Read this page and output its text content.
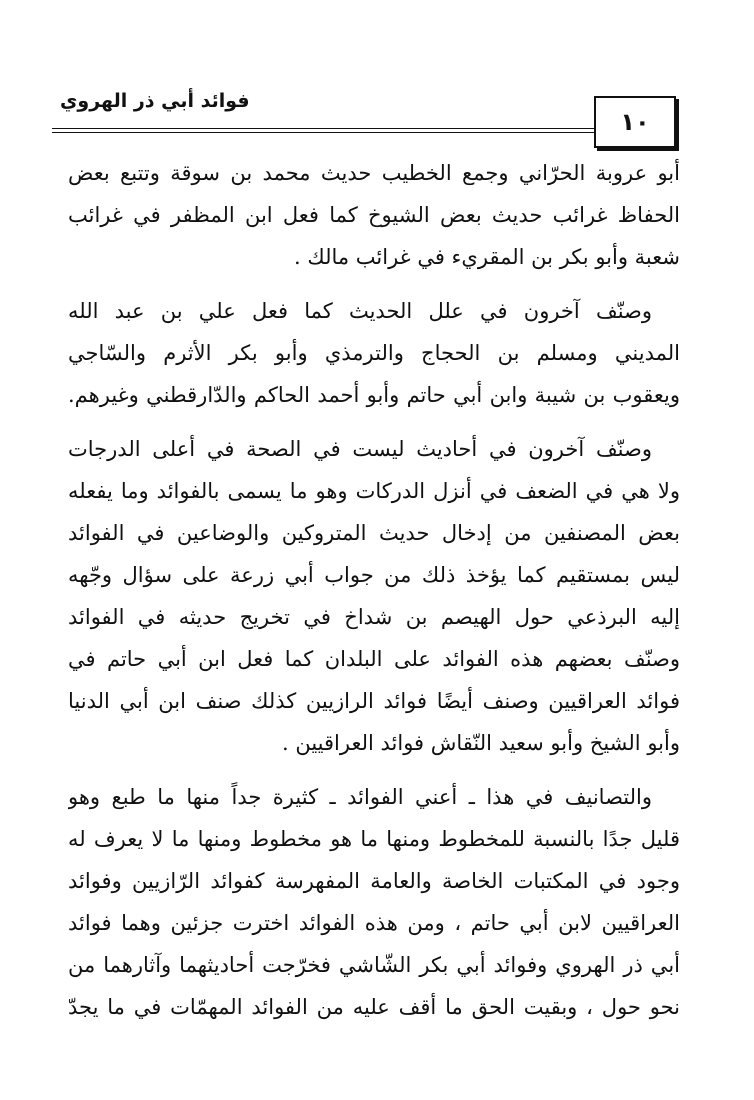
فوائد أبي ذر الهروي
١٠

أبو عروبة الحرّاني وجمع الخطيب حديث محمد بن سوقة وتتبع بعض
الحفاظ غرائب حديث بعض الشيوخ كما فعل ابن المظفر في غرائب
شعبة وأبو بكر بن المقريء في غرائب مالك .

وصنّف آخرون في علل الحديث كما فعل علي بن عبد الله
المديني ومسلم بن الحجاج والترمذي وأبو بكر الأثرم والسّاجي
ويعقوب بن شيبة وابن أبي حاتم وأبو أحمد الحاكم والدّارقطني وغيرهم.

وصنّف آخرون في أحاديث ليست في الصحة في أعلى الدرجات
ولا هي في الضعف في أنزل الدركات وهو ما يسمى بالفوائد وما يفعله
بعض المصنفين من إدخال حديث المتروكين والوضاعين في الفوائد
ليس بمستقيم كما يؤخذ ذلك من جواب أبي زرعة على سؤال وجّهه
إليه البرذعي حول الهيصم بن شداخ في تخريج حديثه في الفوائد
وصنّف بعضهم هذه الفوائد على البلدان كما فعل ابن أبي حاتم في
فوائد العراقيين وصنف أيضًا فوائد الرازيين كذلك صنف ابن أبي الدنيا
وأبو الشيخ وأبو سعيد النّقاش فوائد العراقيين .

والتصانيف في هذا ـ أعني الفوائد ـ كثيرة جداً منها ما طبع وهو
قليل جدًا بالنسبة للمخطوط ومنها ما هو مخطوط ومنها ما لا يعرف له
وجود في المكتبات الخاصة والعامة المفهرسة كفوائد الرّازيين وفوائد
العراقيين لابن أبي حاتم ، ومن هذه الفوائد اخترت جزئين وهما فوائد
أبي ذر الهروي وفوائد أبي بكر الشّاشي فخرّجت أحاديثهما وآثارهما من
نحو حول ، وبقيت الحق ما أقف عليه من الفوائد المهمّات في ما يجدّ
